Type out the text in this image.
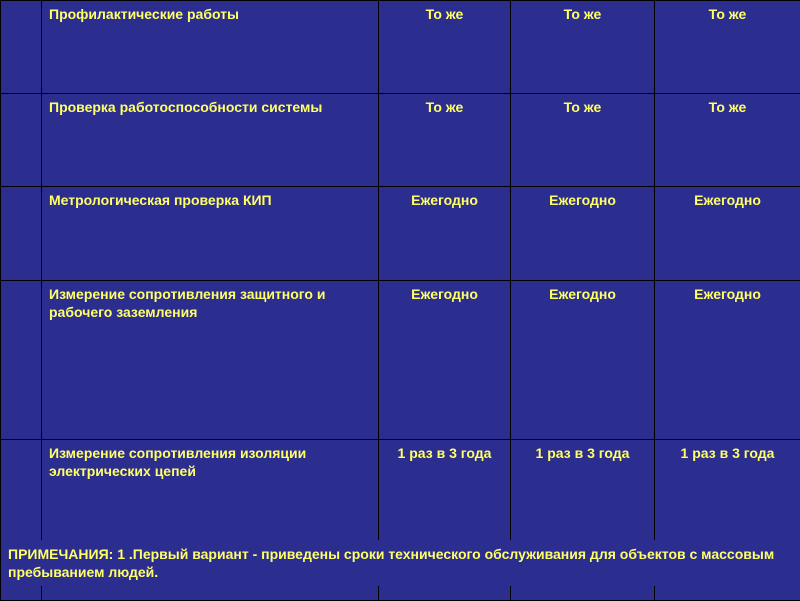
	Профилактические работы	То же	То же	То же
	Проверка работоспособности системы	То же	То же	То же
	Метрологическая проверка КИП	Ежегодно	Ежегодно	Ежегодно
	Измерение сопротивления защитного и рабочего заземления	Ежегодно	Ежегодно	Ежегодно
	Измерение сопротивления изоляции электрических цепей	1 раз в 3 года	1 раз в 3 года	1 раз в 3 года
ПРИМЕЧАНИЯ: 1 .Первый вариант - приведены сроки технического обслуживания для объектов с массовым пребыванием людей.
